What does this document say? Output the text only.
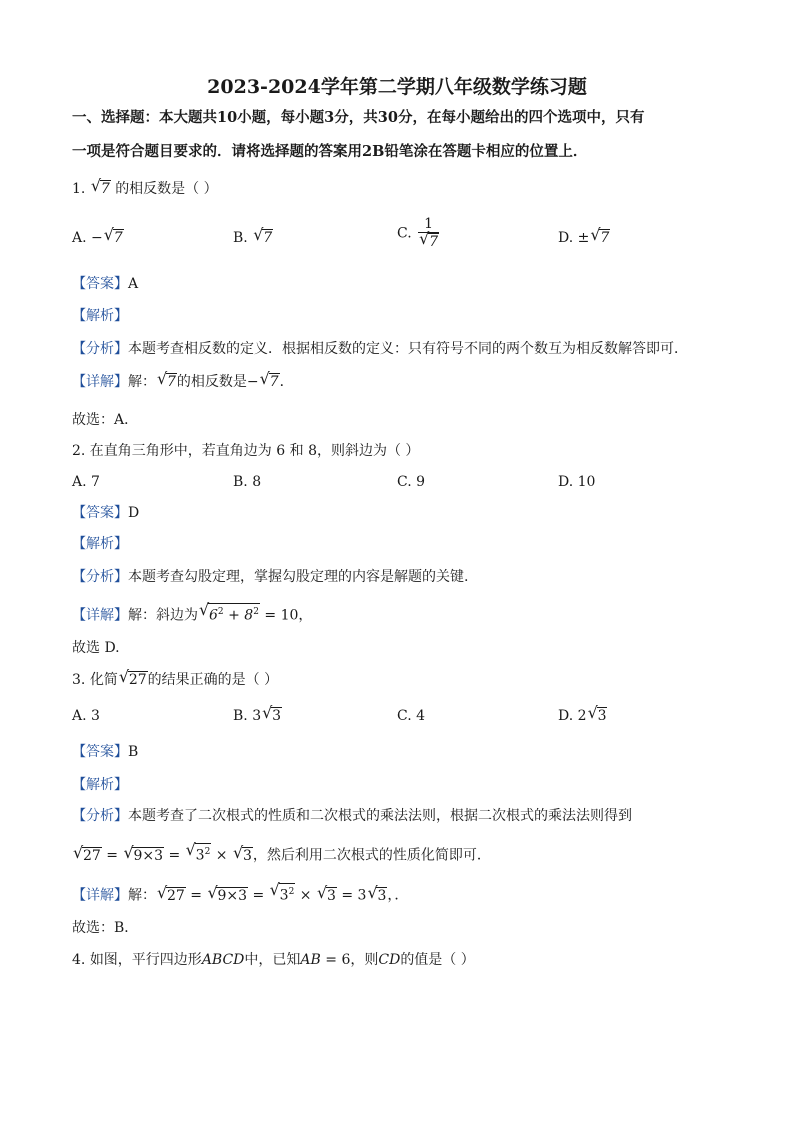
2023-2024学年第二学期八年级数学练习题
一、选择题：本大题共10小题，每小题3分，共30分，在每小题给出的四个选项中，只有
一项是符合题目要求的．请将选择题的答案用2B铅笔涂在答题卡相应的位置上．
1. √ 7 的相反数是（ ）
A. − √ 7	B. √ 7	C. 1
√ 7	D. ± √ 7
【答案】A
【解析】
【分析】本题考查相反数的定义．根据相反数的定义：只有符号不同的两个数互为相反数解答即可．
【详解】解： √ 7的相反数是− √ 7．
故选：A．
2. 在直角三角形中，若直角边为 6 和 8，则斜边为（ ）
A. 7	B. 8	C. 9	D. 10
【答案】D
【解析】
【分析】本题考查勾股定理，掌握勾股定理的内容是解题的关键.
【详解】解：斜边为 √ $6^2 + 8^2 = 10$，
故选 D.
3. 化简 √ 27的结果正确的是（ ）
A. 3	B. 3 √ 3	C. 4	D. 2 √ 3
【答案】B
【解析】
【分析】本题考查了二次根式的性质和二次根式的乘法法则，根据二次根式的乘法法则得到
√ 27 = √ 9×3 = √ $3^2$ × √ 3，然后利用二次根式的性质化简即可．
【详解】解： √ 27 = √ 9×3 = √ $3^2$ × √ 3 = 3 √ 3，．
故选：B．
4. 如图，平行四边形ABCD中，已知AB = 6，则CD的值是（ ）
